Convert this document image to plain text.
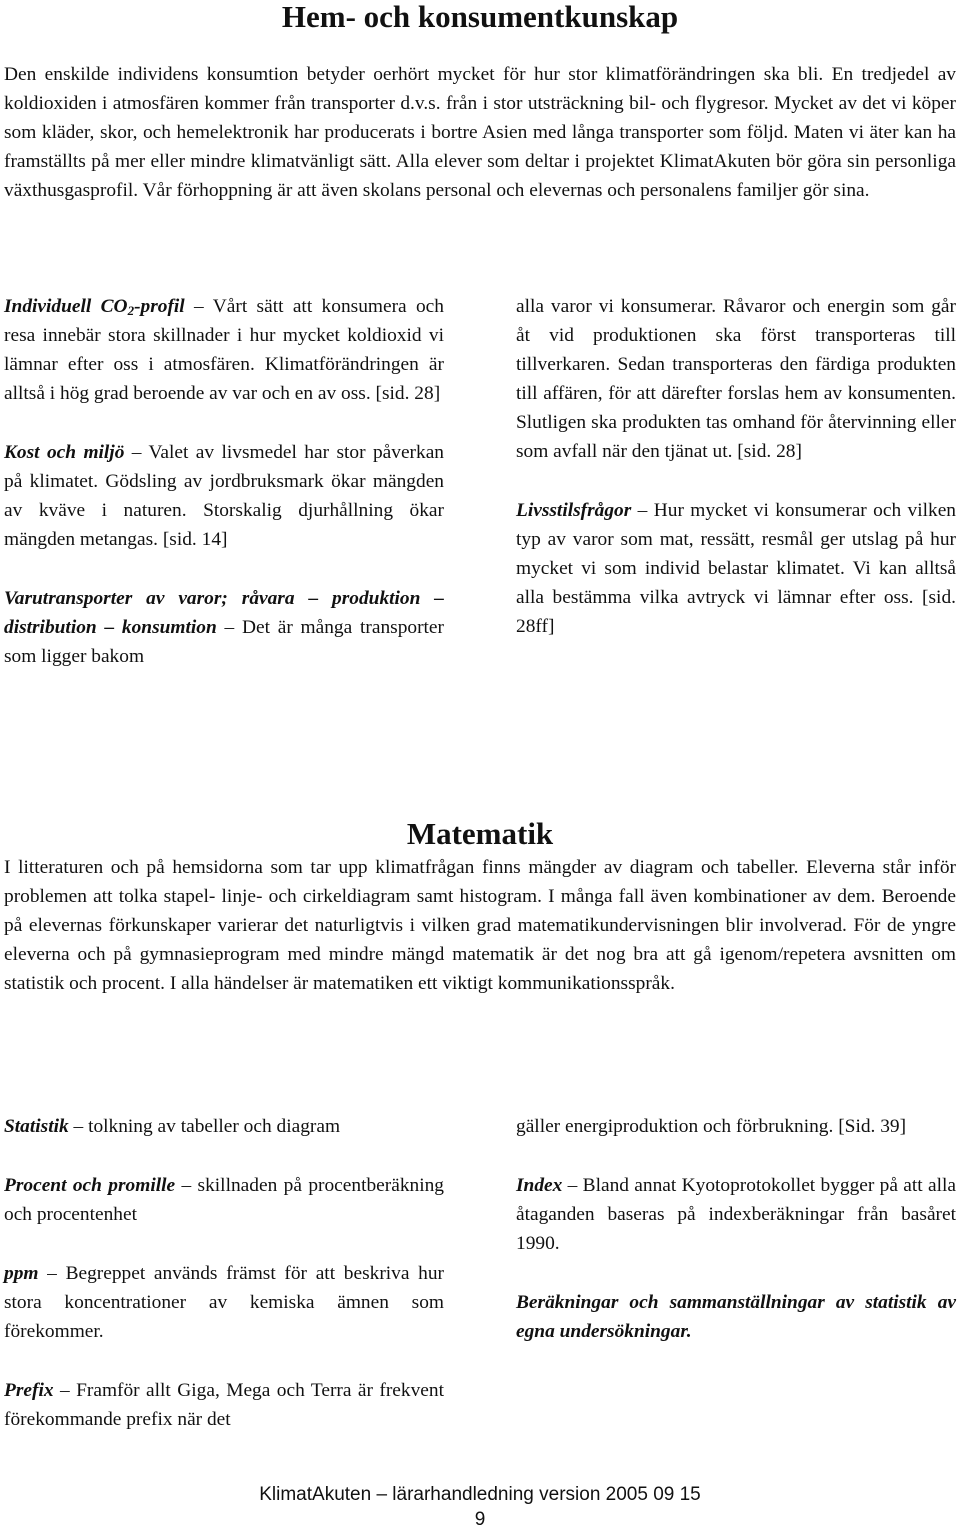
Hem- och konsumentkunskap
Den enskilde individens konsumtion betyder oerhört mycket för hur stor klimatförändringen ska bli. En tredjedel av koldioxiden i atmosfären kommer från transporter d.v.s. från i stor utsträckning bil- och flygresor. Mycket av det vi köper som kläder, skor, och hemelektronik har producerats i bortre Asien med långa transporter som följd. Maten vi äter kan ha framställts på mer eller mindre klimatvänligt sätt. Alla elever som deltar i projektet KlimatAkuten bör göra sin personliga växthusgasprofil. Vår förhoppning är att även skolans personal och elevernas och personalens familjer gör sina.

Individuell $CO_2$-profil – Vårt sätt att konsumera och resa innebär stora skillnader i hur mycket koldioxid vi lämnar efter oss i atmosfären. Klimatförändringen är alltså i hög grad beroende av var och en av oss. [sid. 28]

Kost och miljö – Valet av livsmedel har stor påverkan på klimatet. Gödsling av jordbruksmark ökar mängden av kväve i naturen. Storskalig djurhållning ökar mängden metangas. [sid. 14]

Varutransporter av varor; råvara – produktion – distribution – konsumtion – Det är många transporter som ligger bakom

alla varor vi konsumerar. Råvaror och energin som går åt vid produktionen ska först transporteras till tillverkaren. Sedan transporteras den färdiga produkten till affären, för att därefter forslas hem av konsumenten. Slutligen ska produkten tas omhand för återvinning eller som avfall när den tjänat ut. [sid. 28]

Livsstilsfrågor – Hur mycket vi konsumerar och vilken typ av varor som mat, ressätt, resmål ger utslag på hur mycket vi som individ belastar klimatet. Vi kan alltså alla bestämma vilka avtryck vi lämnar efter oss. [sid. 28ff]

Matematik
I litteraturen och på hemsidorna som tar upp klimatfrågan finns mängder av diagram och tabeller. Eleverna står inför problemen att tolka stapel- linje- och cirkeldiagram samt histogram. I många fall även kombinationer av dem. Beroende på elevernas förkunskaper varierar det naturligtvis i vilken grad matematikundervisningen blir involverad. För de yngre eleverna och på gymnasieprogram med mindre mängd matematik är det nog bra att gå igenom/repetera avsnitten om statistik och procent. I alla händelser är matematiken ett viktigt kommunikationsspråk.

Statistik – tolkning av tabeller och diagram

Procent och promille – skillnaden på procentberäkning och procentenhet

ppm – Begreppet används främst för att beskriva hur stora koncentrationer av kemiska ämnen som förekommer.

Prefix – Framför allt Giga, Mega och Terra är frekvent förekommande prefix när det

gäller energiproduktion och förbrukning. [Sid. 39]

Index – Bland annat Kyotoprotokollet bygger på att alla åtaganden baseras på indexberäkningar från basåret 1990.

Beräkningar och sammanställningar av statistik av egna undersökningar.

KlimatAkuten – lärarhandledning version 2005 09 15
9
